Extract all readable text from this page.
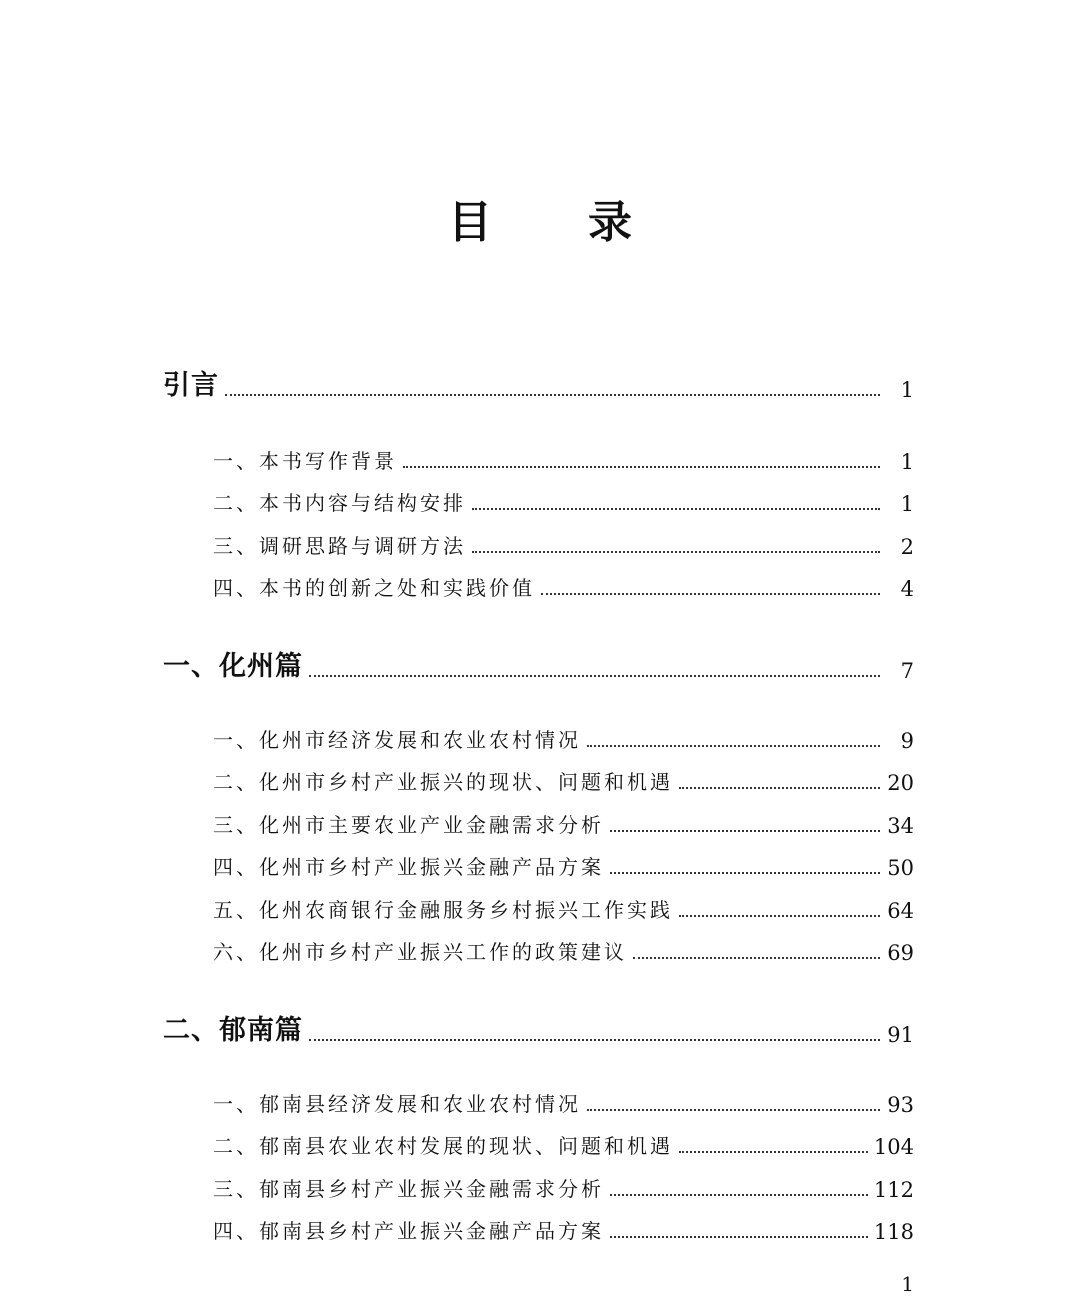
目 录
引言	1
一、本书写作背景	1
二、本书内容与结构安排	1
三、调研思路与调研方法	2
四、本书的创新之处和实践价值	4
一、化州篇	7
一、化州市经济发展和农业农村情况	9
二、化州市乡村产业振兴的现状、问题和机遇	20
三、化州市主要农业产业金融需求分析	34
四、化州市乡村产业振兴金融产品方案	50
五、化州农商银行金融服务乡村振兴工作实践	64
六、化州市乡村产业振兴工作的政策建议	69
二、郁南篇	91
一、郁南县经济发展和农业农村情况	93
二、郁南县农业农村发展的现状、问题和机遇	104
三、郁南县乡村产业振兴金融需求分析	112
四、郁南县乡村产业振兴金融产品方案	118
1
